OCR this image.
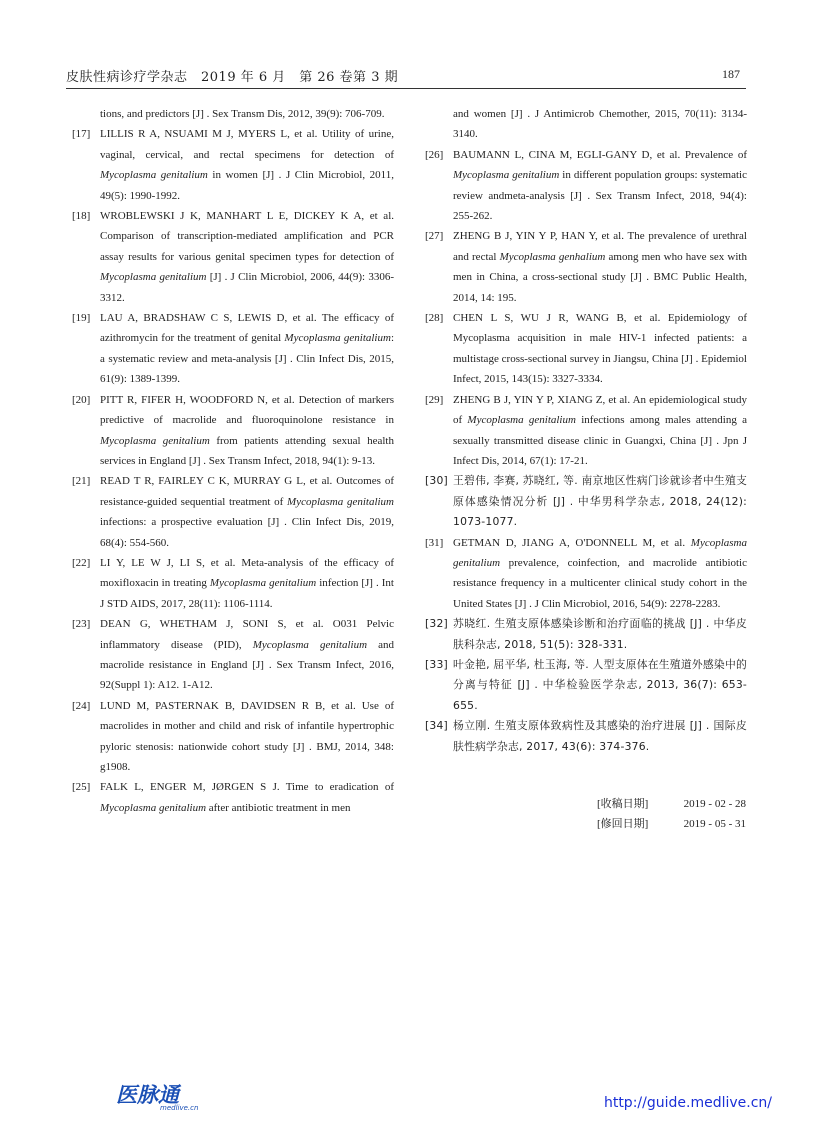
皮肤性病诊疗学杂志　2019 年 6 月　第 26 卷第 3 期	187
tions, and predictors [J] . Sex Transm Dis, 2012, 39(9): 706-709.
[17] LILLIS R A, NSUAMI M J, MYERS L, et al. Utility of urine, vaginal, cervical, and rectal specimens for detection of Mycoplasma genitalium in women [J] . J Clin Microbiol, 2011, 49(5): 1990-1992.
[18] WROBLEWSKI J K, MANHART L E, DICKEY K A, et al. Comparison of transcription-mediated amplification and PCR assay results for various genital specimen types for detection of Mycoplasma genitalium [J] . J Clin Microbiol, 2006, 44(9): 3306-3312.
[19] LAU A, BRADSHAW C S, LEWIS D, et al. The efficacy of azithromycin for the treatment of genital Mycoplasma genitalium: a systematic review and meta-analysis [J] . Clin Infect Dis, 2015, 61(9): 1389-1399.
[20] PITT R, FIFER H, WOODFORD N, et al. Detection of markers predictive of macrolide and fluoroquinolone resistance in Mycoplasma genitalium from patients attending sexual health services in England [J] . Sex Transm Infect, 2018, 94(1): 9-13.
[21] READ T R, FAIRLEY C K, MURRAY G L, et al. Outcomes of resistance-guided sequential treatment of Mycoplasma genitalium infections: a prospective evaluation [J] . Clin Infect Dis, 2019, 68(4): 554-560.
[22] LI Y, LE W J, LI S, et al. Meta-analysis of the efficacy of moxifloxacin in treating Mycoplasma genitalium infection [J] . Int J STD AIDS, 2017, 28(11): 1106-1114.
[23] DEAN G, WHETHAM J, SONI S, et al. O031 Pelvic inflammatory disease (PID), Mycoplasma genitalium and macrolide resistance in England [J] . Sex Transm Infect, 2016, 92(Suppl 1): A12. 1-A12.
[24] LUND M, PASTERNAK B, DAVIDSEN R B, et al. Use of macrolides in mother and child and risk of infantile hypertrophic pyloric stenosis: nationwide cohort study [J] . BMJ, 2014, 348: g1908.
[25] FALK L, ENGER M, JØRGEN S J. Time to eradication of Mycoplasma genitalium after antibiotic treatment in men
and women [J] . J Antimicrob Chemother, 2015, 70(11): 3134-3140.
[26] BAUMANN L, CINA M, EGLI-GANY D, et al. Prevalence of Mycoplasma genitalium in different population groups: systematic review andmeta-analysis [J] . Sex Transm Infect, 2018, 94(4): 255-262.
[27] ZHENG B J, YIN Y P, HAN Y, et al. The prevalence of urethral and rectal Mycoplasma genhalium among men who have sex with men in China, a cross-sectional study [J] . BMC Public Health, 2014, 14: 195.
[28] CHEN L S, WU J R, WANG B, et al. Epidemiology of Mycoplasma acquisition in male HIV-1 infected patients: a multistage cross-sectional survey in Jiangsu, China [J] . Epidemiol Infect, 2015, 143(15): 3327-3334.
[29] ZHENG B J, YIN Y P, XIANG Z, et al. An epidemiological study of Mycoplasma genitalium infections among males attending a sexually transmitted disease clinic in Guangxi, China [J] . Jpn J Infect Dis, 2014, 67(1): 17-21.
[30] 王碧伟, 李赛, 苏晓红, 等. 南京地区性病门诊就诊者中生殖支原体感染情况分析 [J] . 中华男科学杂志, 2018, 24(12): 1073-1077.
[31] GETMAN D, JIANG A, O'DONNELL M, et al. Mycoplasma genitalium prevalence, coinfection, and macrolide antibiotic resistance frequency in a multicenter clinical study cohort in the United States [J] . J Clin Microbiol, 2016, 54(9): 2278-2283.
[32] 苏晓红. 生殖支原体感染诊断和治疗面临的挑战 [J] . 中华皮肤科杂志, 2018, 51(5): 328-331.
[33] 叶金艳, 屈平华, 杜玉海, 等. 人型支原体在生殖道外感染中的分离与特征 [J] . 中华检验医学杂志, 2013, 36(7): 653-655.
[34] 杨立刚. 生殖支原体致病性及其感染的治疗进展 [J] . 国际皮肤性病学杂志, 2017, 43(6): 374-376.
[收稿日期]	2019 - 02 - 28
[修回日期]	2019 - 05 - 31
医脉通
medlive.cn	http://guide.medlive.cn/
